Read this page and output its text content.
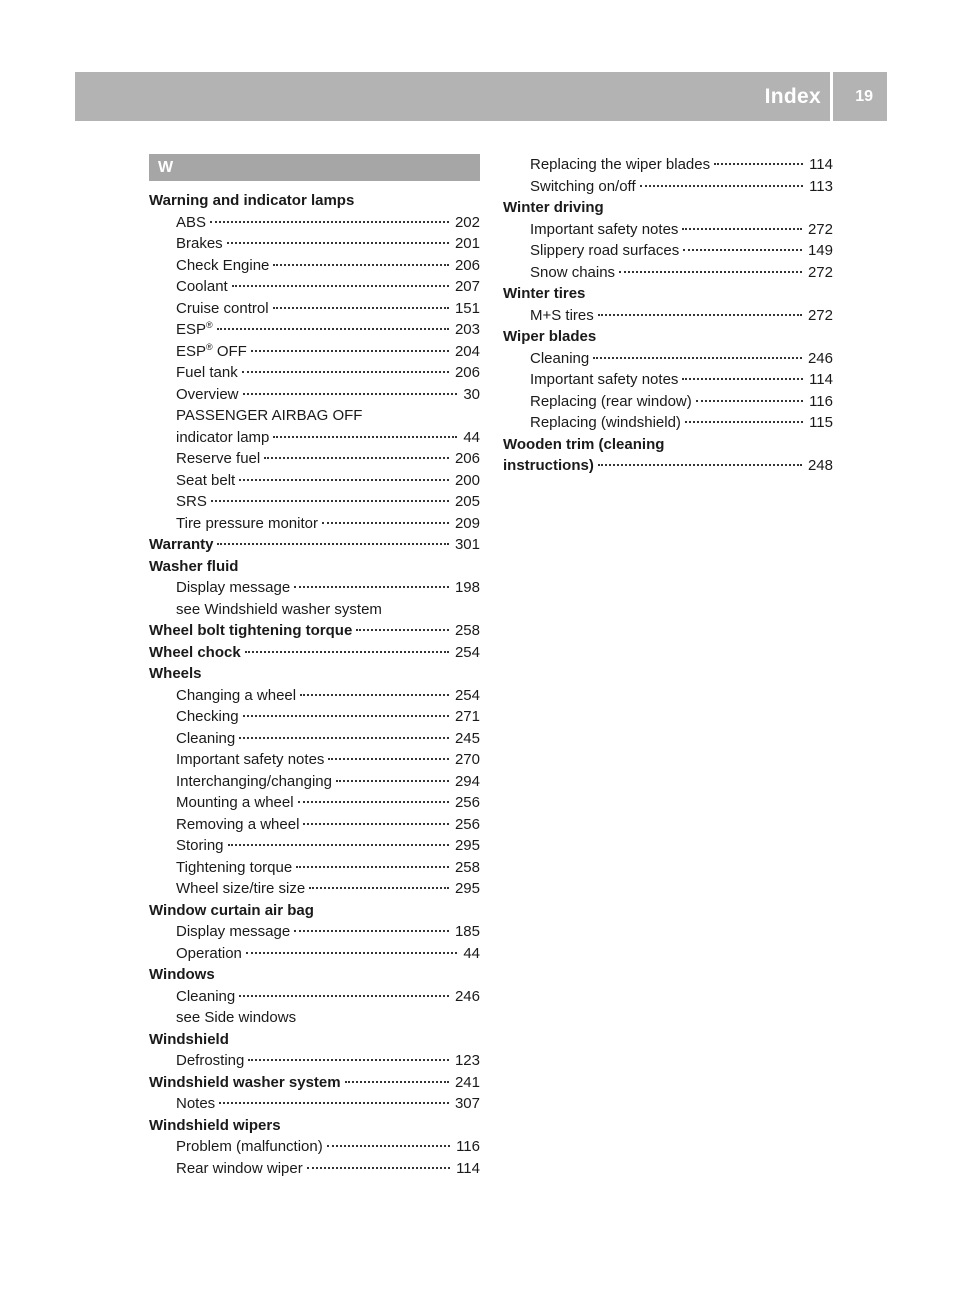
Index 19
W
Warning and indicator lamps
ABS	202
Brakes	201
Check Engine	206
Coolant	207
Cruise control	151
ESP®	203
ESP® OFF	204
Fuel tank	206
Overview	30
PASSENGER AIRBAG OFF
indicator lamp	44
Reserve fuel	206
Seat belt	200
SRS	205
Tire pressure monitor	209
Warranty	301
Washer fluid
Display message	198
see Windshield washer system
Wheel bolt tightening torque	258
Wheel chock	254
Wheels
Changing a wheel	254
Checking	271
Cleaning	245
Important safety notes	270
Interchanging/changing	294
Mounting a wheel	256
Removing a wheel	256
Storing	295
Tightening torque	258
Wheel size/tire size	295
Window curtain air bag
Display message	185
Operation	44
Windows
Cleaning	246
see Side windows
Windshield
Defrosting	123
Windshield washer system	241
Notes	307
Windshield wipers
Problem (malfunction)	116
Rear window wiper	114
Replacing the wiper blades	114
Switching on/off	113
Winter driving
Important safety notes	272
Slippery road surfaces	149
Snow chains	272
Winter tires
M+S tires	272
Wiper blades
Cleaning	246
Important safety notes	114
Replacing (rear window)	116
Replacing (windshield)	115
Wooden trim (cleaning
instructions)	248
